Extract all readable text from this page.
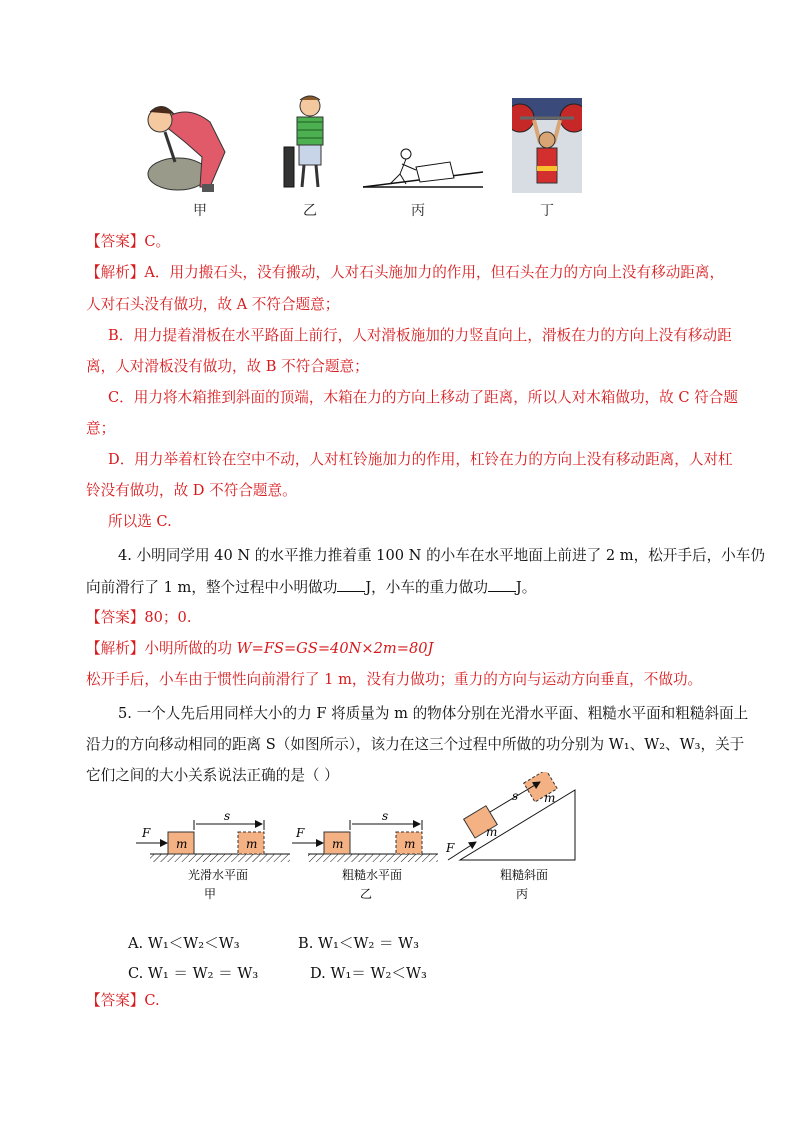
甲	乙	丙	丁
【答案】C。
【解析】A．用力搬石头，没有搬动，人对石头施加力的作用，但石头在力的方向上没有移动距离，
人对石头没有做功，故 A 不符合题意；
B．用力提着滑板在水平路面上前行，人对滑板施加的力竖直向上，滑板在力的方向上没有移动距
离，人对滑板没有做功，故 B 不符合题意；
C．用力将木箱推到斜面的顶端，木箱在力的方向上移动了距离，所以人对木箱做功，故 C 符合题
意；
D．用力举着杠铃在空中不动，人对杠铃施加力的作用，杠铃在力的方向上没有移动距离，人对杠
铃没有做功，故 D 不符合题意。
所以选 C.
4. 小明同学用 40 N 的水平推力推着重 100 N 的小车在水平地面上前进了 2 m，松开手后，小车仍
向前滑行了 1 m，整个过程中小明做功 J，小车的重力做功 J。
【答案】80；0.
【解析】小明所做的功 W=FS=GS=40N×2m=80J
松开手后，小车由于惯性向前滑行了 1 m，没有力做功；重力的方向与运动方向垂直，不做功。
5. 一个人先后用同样大小的力 F 将质量为 m 的物体分别在光滑水平面、粗糙水平面和粗糙斜面上
沿力的方向移动相同的距离 S（如图所示），该力在这三个过程中所做的功分别为 W₁、W₂、W₃，关于
它们之间的大小关系说法正确的是（ ）
F
m	m
s
光滑水平面
甲
F
m	m
s
粗糙水平面
乙
F
m
m
s
粗糙斜面
丙
A. W₁＜W₂＜W₃	B. W₁＜W₂ ＝ W₃
C. W₁ ＝ W₂ ＝ W₃	D. W₁＝ W₂＜W₃
【答案】C.
